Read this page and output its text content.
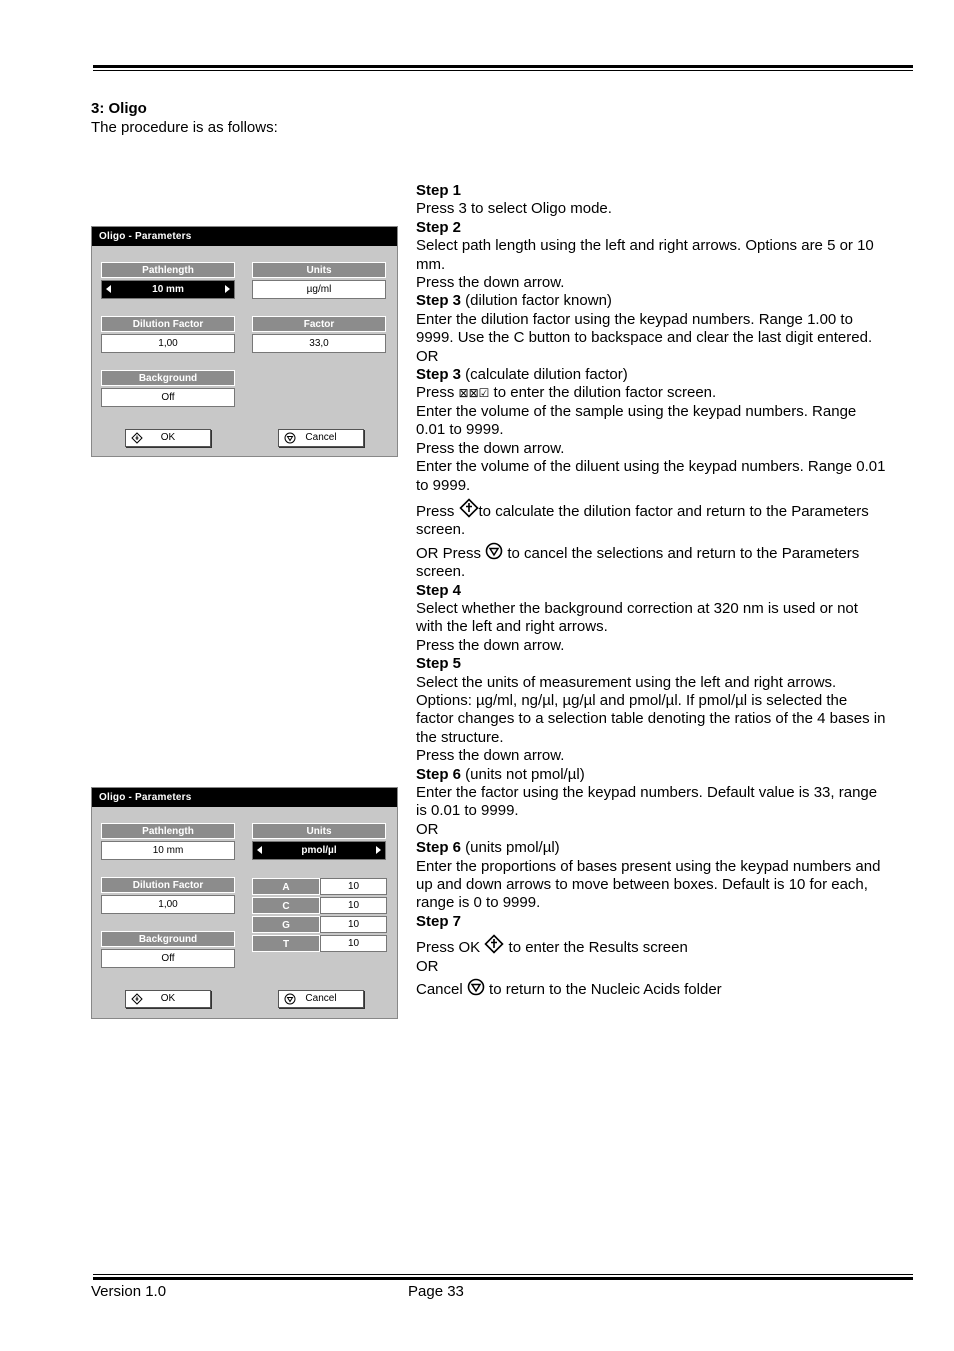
3: Oligo
The procedure is as follows:
Oligo - Parameters
Pathlength
10 mm
Units
µg/ml
Dilution Factor
1,00
Factor
33,0
Background
Off
OK	Cancel
Oligo - Parameters
Pathlength
10 mm
Units
pmol/µl
Dilution Factor
1,00
A	10
C	10
G	10
T	10
Background
Off
OK	Cancel

Step 1

Press 3 to select Oligo mode.

Step 2

Select path length using the left and right arrows. Options are 5 or 10 mm.

Press the down arrow.

Step 3 (dilution factor known)

Enter the dilution factor using the keypad numbers. Range 1.00 to 9999. Use the C button to backspace and clear the last digit entered.

OR

Step 3 (calculate dilution factor)

Press ⊠⊠☑ to enter the dilution factor screen.

Enter the volume of the sample using the keypad numbers. Range 0.01 to 9999.

Press the down arrow.

Enter the volume of the diluent using the keypad numbers. Range 0.01 to 9999.

Press to calculate the dilution factor and return to the Parameters screen.

OR Press to cancel the selections and return to the Parameters screen.

Step 4

Select whether the background correction at 320 nm is used or not with the left and right arrows.

Press the down arrow.

Step 5

Select the units of measurement using the left and right arrows. Options: µg/ml, ng/µl, µg/µl and pmol/µl. If pmol/µl is selected the factor changes to a selection table denoting the ratios of the 4 bases in the structure.

Press the down arrow.

Step 6 (units not pmol/µl)

Enter the factor using the keypad numbers. Default value is 33, range is 0.01 to 9999.

OR

Step 6 (units pmol/µl)

Enter the proportions of bases present using the keypad numbers and up and down arrows to move between boxes. Default is 10 for each, range is 0 to 9999.

Step 7

Press OK to enter the Results screen

OR

Cancel to return to the Nucleic Acids folder

Version 1.0	Page 33
